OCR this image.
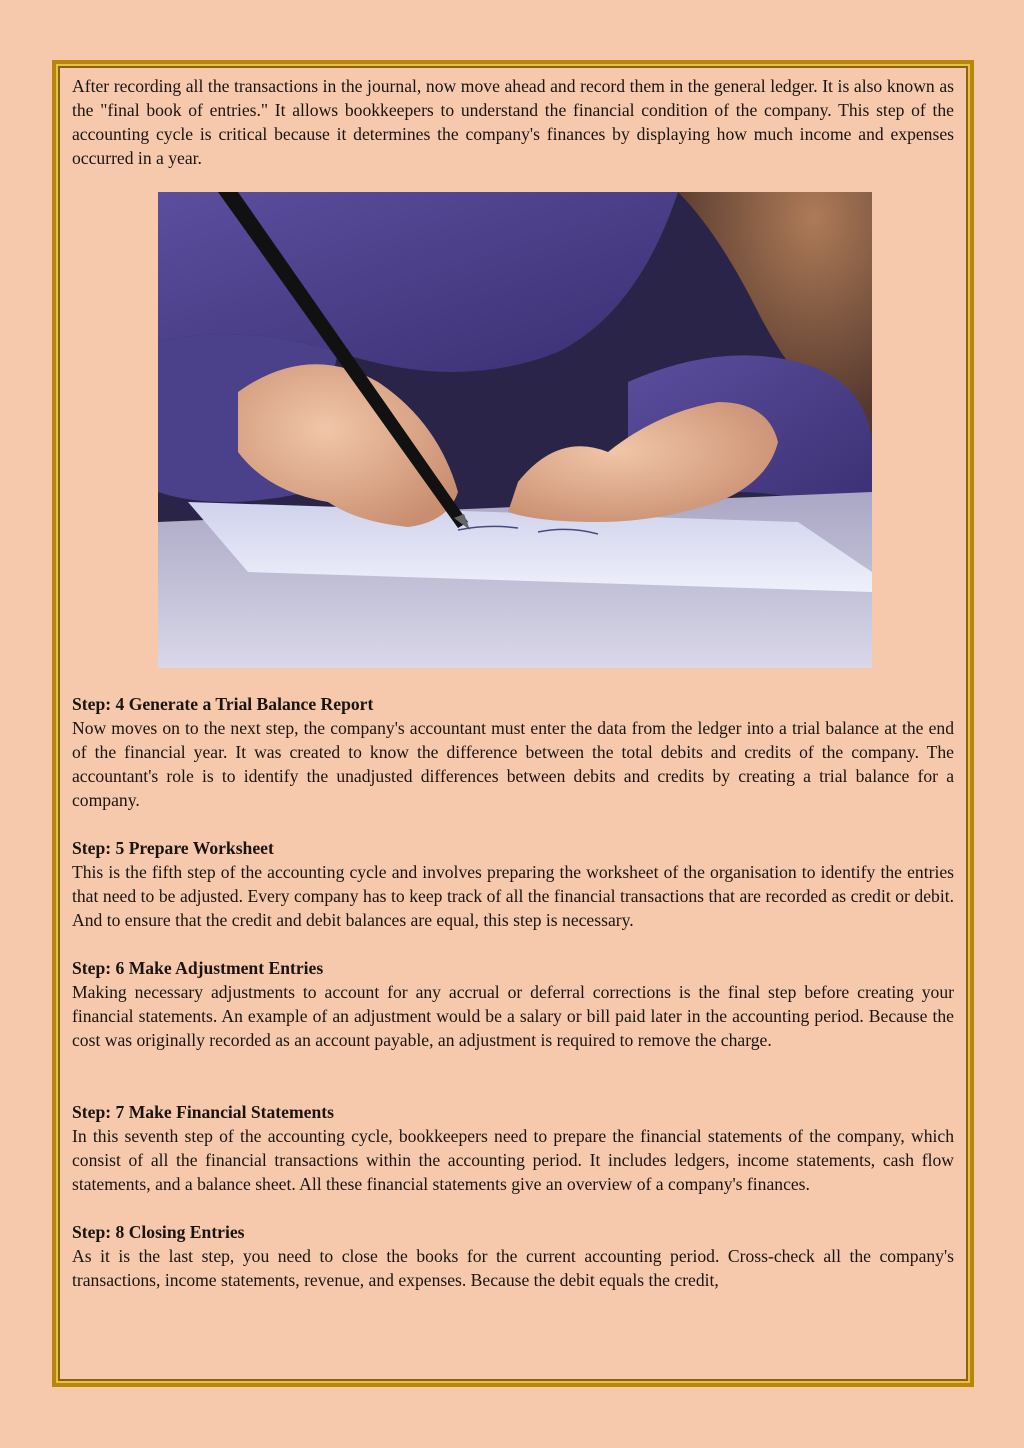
After recording all the transactions in the journal, now move ahead and record them in the general ledger. It is also known as the "final book of entries." It allows bookkeepers to understand the financial condition of the company. This step of the accounting cycle is critical because it determines the company's finances by displaying how much income and expenses occurred in a year.

Step: 4 Generate a Trial Balance Report

Now moves on to the next step, the company's accountant must enter the data from the ledger into a trial balance at the end of the financial year. It was created to know the difference between the total debits and credits of the company. The accountant's role is to identify the unadjusted differences between debits and credits by creating a trial balance for a company.

Step: 5 Prepare Worksheet

This is the fifth step of the accounting cycle and involves preparing the worksheet of the organisation to identify the entries that need to be adjusted. Every company has to keep track of all the financial transactions that are recorded as credit or debit. And to ensure that the credit and debit balances are equal, this step is necessary.

Step: 6 Make Adjustment Entries

Making necessary adjustments to account for any accrual or deferral corrections is the final step before creating your financial statements. An example of an adjustment would be a salary or bill paid later in the accounting period. Because the cost was originally recorded as an account payable, an adjustment is required to remove the charge.

Step: 7 Make Financial Statements

In this seventh step of the accounting cycle, bookkeepers need to prepare the financial statements of the company, which consist of all the financial transactions within the accounting period. It includes ledgers, income statements, cash flow statements, and a balance sheet. All these financial statements give an overview of a company's finances.

Step: 8 Closing Entries

As it is the last step, you need to close the books for the current accounting period. Cross-check all the company's transactions, income statements, revenue, and expenses. Because the debit equals the credit,
